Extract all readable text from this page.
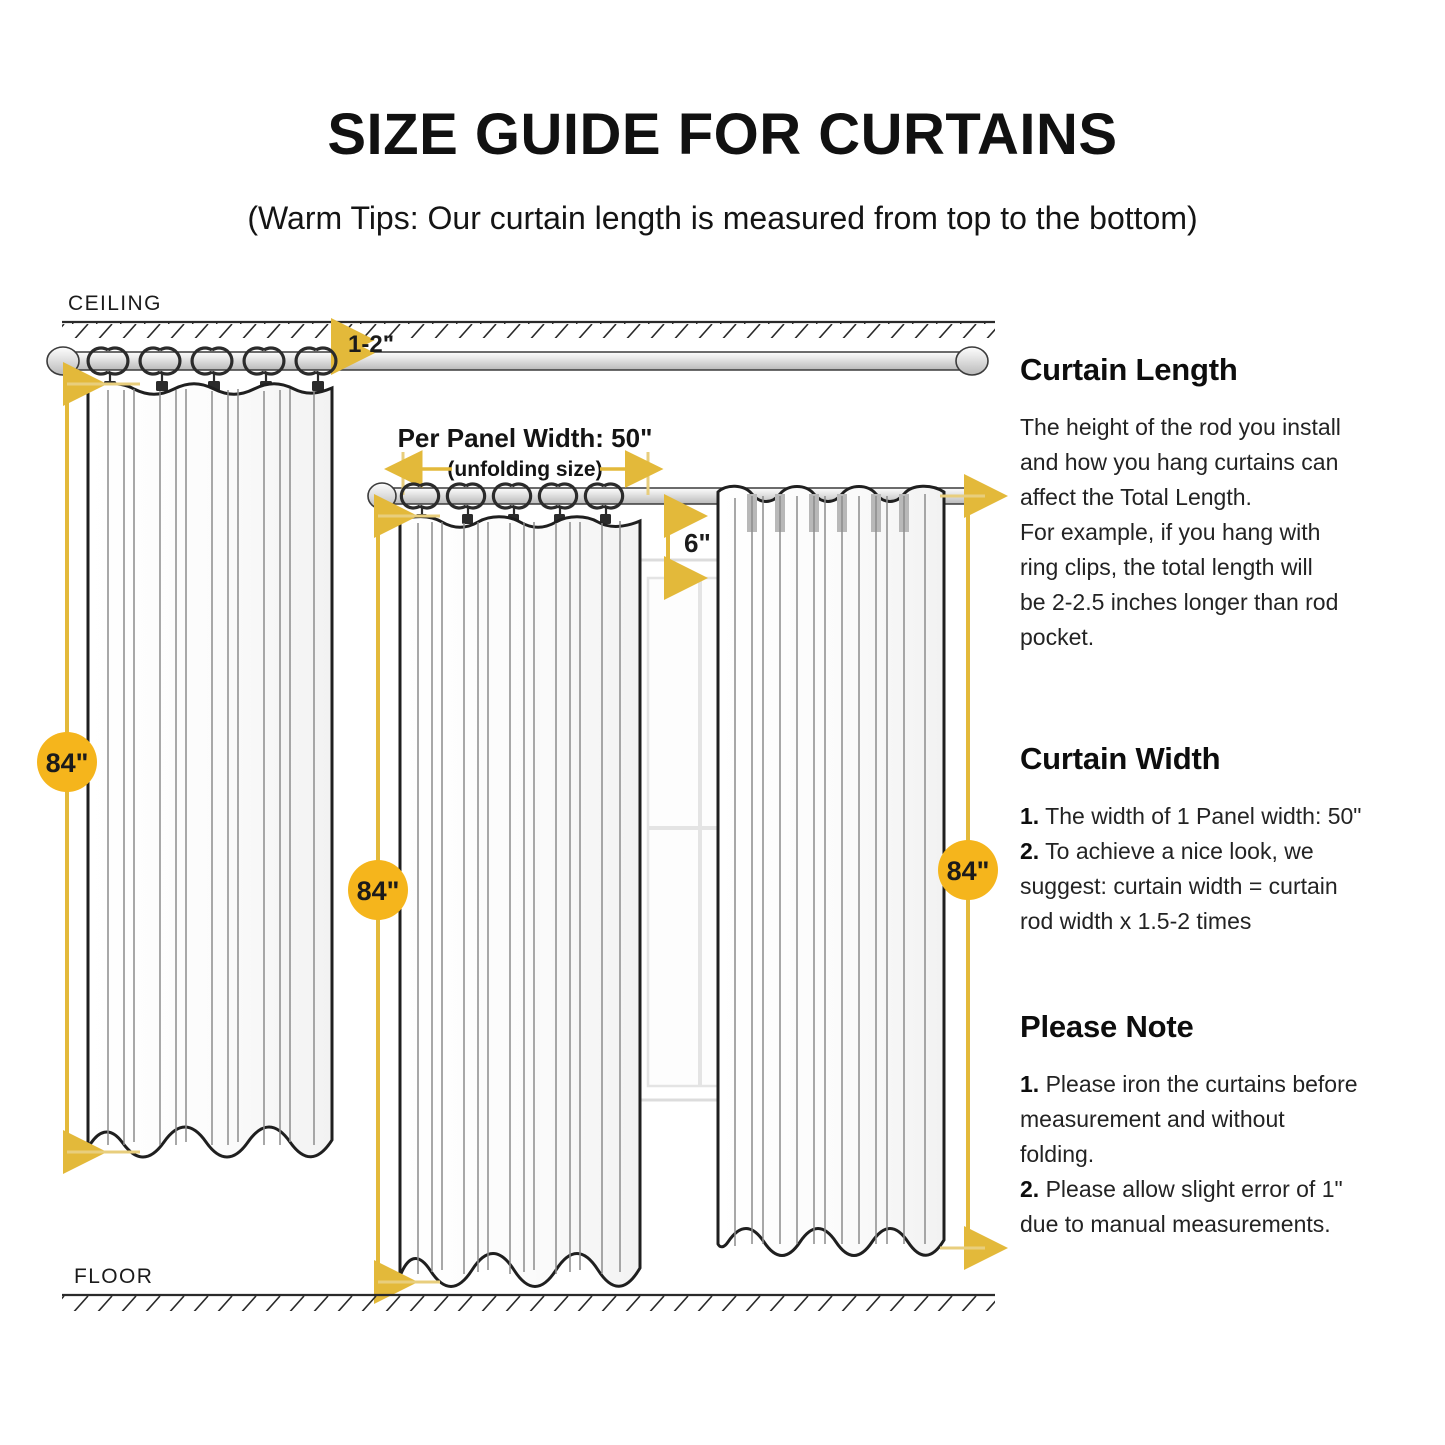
SIZE GUIDE FOR CURTAINS
(Warm Tips: Our curtain length is measured from top to the bottom)
CEILING
1-2"
84"
Per Panel Width: 50"
(unfolding size)
6"
84"
84"
FLOOR
Curtain Length

The height of the rod you install

and how you hang curtains can

affect the Total Length.

For example, if you hang with

ring clips, the total length will

be 2-2.5 inches longer than rod

pocket.

Curtain Width

1. The width of 1 Panel width: 50"

2. To achieve a nice look, we

suggest: curtain width = curtain

rod width x 1.5-2 times

Please Note

1. Please iron the curtains before

measurement and without

folding.

2. Please allow slight error of 1"

due to manual measurements.
